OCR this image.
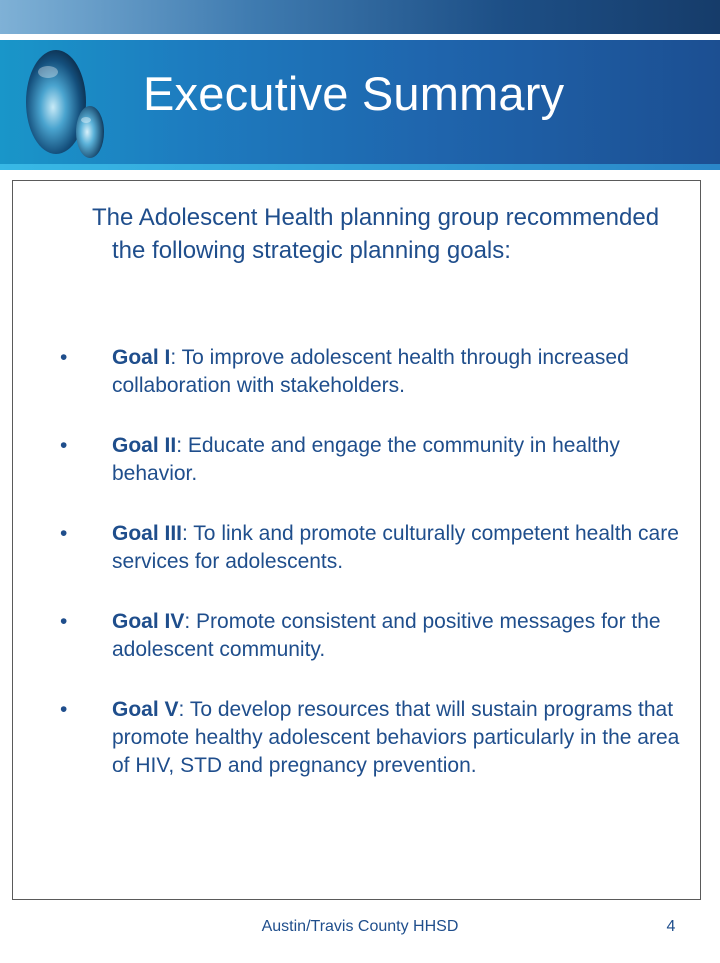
Executive Summary

The Adolescent Health planning group recommended the following strategic planning goals:

• Goal I: To improve adolescent health through increased collaboration with stakeholders.
• Goal II: Educate and engage the community in healthy behavior.
• Goal III: To link and promote culturally competent health care services for adolescents.
• Goal IV: Promote consistent and positive messages for the adolescent community.
• Goal V: To develop resources that will sustain programs that promote healthy adolescent behaviors particularly in the area of HIV, STD and pregnancy prevention.

Austin/Travis County HHSD	4
